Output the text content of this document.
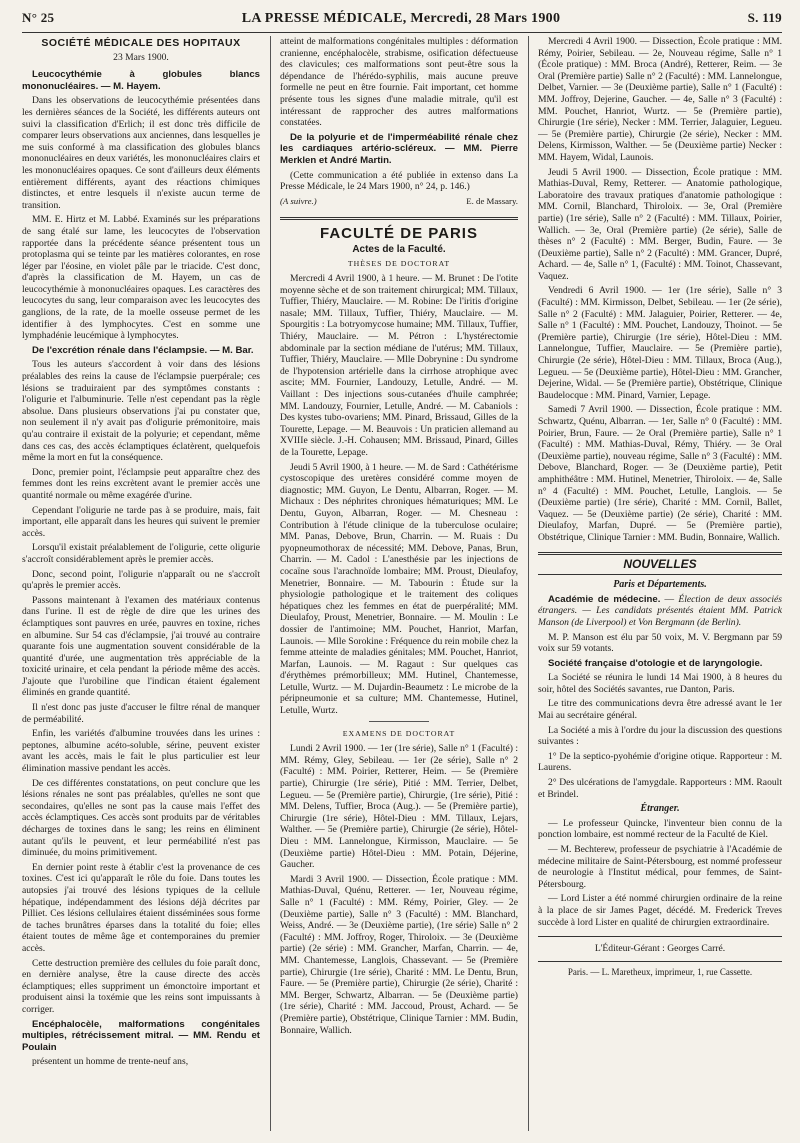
N° 25	LA PRESSE MÉDICALE, Mercredi, 28 Mars 1900	S. 119
SOCIÉTÉ MÉDICALE DES HOPITAUX
23 Mars 1900.

Leucocythémie à globules blancs mononucléaires. — M. Hayem.

Dans les observations de leucocythémie présentées dans les dernières séances de la Société, les différents auteurs ont suivi la classification d'Erlich; il est donc très difficile de comparer leurs observations aux anciennes, dans lesquelles je me suis conformé à ma classification des globules blancs mononucléaires en deux variétés, les mononucléaires clairs et les mononucléaires opaques. Ce sont d'ailleurs deux éléments entièrement différents, ayant des réactions chimiques distinctes, et entre lesquels il n'existe aucun terme de transition.

MM. E. Hirtz et M. Labbé. Examinés sur les préparations de sang étalé sur lame, les leucocytes de l'observation rapportée dans la précédente séance présentent tous un protoplasma qui se teinte par les matières colorantes, en rose léger par l'éosine, en violet pâle par le triacide. C'est donc, d'après la classification de M. Hayem, un cas de leucocythémie à mononucléaires opaques. Les caractères des leucocytes du sang, leur comparaison avec les leucocytes des ganglions, de la rate, de la moelle osseuse permet de les identifier à des lymphocytes. C'est en somme une lymphadénie leucémique à lymphocytes.

De l'excrétion rénale dans l'éclampsie. — M. Bar.

Tous les auteurs s'accordent à voir dans des lésions préalables des reins la cause de l'éclampsie puerpérale; ces lésions se traduiraient par des symptômes constants : l'oligurie et l'albuminurie. Telle n'est cependant pas la règle absolue. Dans plusieurs observations j'ai pu constater que, non seulement il n'y avait pas d'oligurie prémonitoire, mais qu'au contraire il existait de la polyurie; et cependant, même dans ces cas, des accès éclamptiques éclatèrent, quelquefois même la mort en fut la conséquence.

Donc, premier point, l'éclampsie peut apparaître chez des femmes dont les reins excrètent avant le premier accès une quantité normale ou même exagérée d'urine.

Cependant l'oligurie ne tarde pas à se produire, mais, fait important, elle apparaît dans les heures qui suivent le premier accès.

Lorsqu'il existait préalablement de l'oligurie, cette oligurie s'accroît considérablement après le premier accès.

Donc, second point, l'oligurie n'apparaît ou ne s'accroît qu'après le premier accès.

Passons maintenant à l'examen des matériaux contenus dans l'urine. Il est de règle de dire que les urines des éclamptiques sont pauvres en urée, pauvres en toxine, riches en albumine. Sur 54 cas d'éclampsie, j'ai trouvé au contraire quarante fois une augmentation souvent considérable de la quantité d'urée, une augmentation très appréciable de la toxicité urinaire, et cela pendant la période même des accès. J'ajoute que l'urobiline que l'indican étaient également éliminés en grande quantité.

Il n'est donc pas juste d'accuser le filtre rénal de manquer de perméabilité.

Enfin, les variétés d'albumine trouvées dans les urines : peptones, albumine acéto-soluble, sérine, peuvent exister avant les accès, mais le fait le plus particulier est leur élimination massive pendant les accès.

De ces différentes constatations, on peut conclure que les lésions rénales ne sont pas préalables, qu'elles ne sont que secondaires, qu'elles ne sont pas la cause mais l'effet des accès éclamptiques. Ces accès sont produits par de véritables décharges de toxines dans le sang; les reins en éliminent autant qu'ils le peuvent, et leur perméabilité n'est pas diminuée, du moins primitivement.

En dernier point reste à établir c'est la provenance de ces toxines. C'est ici qu'apparaît le rôle du foie. Dans toutes les autopsies j'ai trouvé des lésions typiques de la cellule hépatique, indépendamment des lésions déjà décrites par Pilliet. Ces lésions cellulaires étaient disséminées sous forme de taches brunâtres éparses dans la totalité du foie; elles étaient toutes de même âge et contemporaines du premier accès.

Cette destruction première des cellules du foie paraît donc, en dernière analyse, être la cause directe des accès éclamptiques; elles suppriment un émonctoire important et produisent ainsi la toxémie que les reins sont impuissants à corriger.

Encéphalocèle, malformations congénitales multiples, rétrécissement mitral. — MM. Rendu et Poulain

présentent un homme de trente-neuf ans,

atteint de malformations congénitales multiples : déformation cranienne, encéphalocèle, strabisme, osification défectueuse des clavicules; ces malformations sont peut-être sous la dépendance de l'hérédo-syphilis, mais aucune preuve formelle ne peut en être fournie. Fait important, cet homme présente tous les signes d'une maladie mitrale, qu'il est intéressant de rapprocher des autres malformations constatées.

De la polyurie et de l'imperméabilité rénale chez les cardiaques artério-scléreux. — MM. Pierre Merklen et André Martin.

(Cette communication a été publiée in extenso dans La Presse Médicale, le 24 Mars 1900, n° 24, p. 146.)

(A suivre.)	E. de Massary.
FACULTÉ DE PARIS
Actes de la Faculté.
THÈSES DE DOCTORAT

Mercredi 4 Avril 1900, à 1 heure. — M. Brunet : De l'otite moyenne sèche et de son traitement chirurgical; MM. Tillaux, Tuffier, Thiéry, Mauclaire. — M. Robine: De l'iritis d'origine nasale; MM. Tillaux, Tuffier, Thiéry, Mauclaire. — M. Spourgitis : La botryomycose humaine; MM. Tillaux, Tuffier, Thiéry, Mauclaire. — M. Pétron : L'hystérectomie abdominale par la section médiane de l'utérus; MM. Tillaux, Tuffier, Thiéry, Mauclaire. — Mlle Dobrynine : Du syndrome de l'hypotension artérielle dans la cirrhose atrophique avec ascite; MM. Fournier, Landouzy, Letulle, André. — M. Vaillant : Des injections sous-cutanées d'huile camphrée; MM. Landouzy, Fournier, Letulle, André. — M. Cabaniols : Des kystes tubo-ovariens; MM. Pinard, Brissaud, Gilles de la Tourette, Lepage. — M. Beauvois : Un praticien allemand au XVIIIe siècle. J.-H. Cohausen; MM. Brissaud, Pinard, Gilles de la Tourette, Lepage.

Jeudi 5 Avril 1900, à 1 heure. — M. de Sard : Cathétérisme cystoscopique des uretères considéré comme moyen de diagnostic; MM. Guyon, Le Dentu, Albarran, Roger. — M. Michaux : Des néphrites chroniques hématuriques; MM. Le Dentu, Guyon, Albarran, Roger. — M. Chesneau : Contribution à l'étude clinique de la tuberculose oculaire; MM. Panas, Debove, Brun, Charrin. — M. Ruais : Du pyopneumothorax de nécessité; MM. Debove, Panas, Brun, Charrin. — M. Cadol : L'anesthésie par les injections de cocaïne sous l'arachnoïde lombaire; MM. Proust, Dieulafoy, Menetrier, Bonnaire. — M. Tabourin : Étude sur la physiologie pathologique et le traitement des coliques hépatiques chez les femmes en état de puerpéralité; MM. Dieulafoy, Proust, Menetrier, Bonnaire. — M. Moulin : Le dossier de l'antimoine; MM. Pouchet, Hanriot, Marfan, Launois. — Mlle Sorokine : Fréquence du rein mobile chez la femme atteinte de maladies génitales; MM. Pouchet, Hanriot, Marfan, Launois. — M. Ragaut : Sur quelques cas d'érythèmes prémorbilleux; MM. Hutinel, Chantemesse, Letulle, Wurtz. — M. Dujardin-Beaumetz : Le microbe de la péripneumonie et sa culture; MM. Chantemesse, Hutinel, Letulle, Wurtz.

EXAMENS DE DOCTORAT

Lundi 2 Avril 1900. — 1er (1re série), Salle n° 1 (Faculté) : MM. Rémy, Gley, Sebileau. — 1er (2e série), Salle n° 2 (Faculté) : MM. Poirier, Retterer, Heim. — 5e (Première partie), Chirurgie (1re série), Pitié : MM. Terrier, Delbet, Legueu. — 5e (Première partie), Chirurgie, (1re série), Pitié : MM. Delens, Tuffier, Broca (Aug.). — 5e (Première partie), Chirurgie (1re série), Hôtel-Dieu : MM. Tillaux, Lejars, Walther. — 5e (Première partie), Chirurgie (2e série), Hôtel-Dieu : MM. Lannelongue, Kirmisson, Mauclaire. — 5e (Deuxième partie) Hôtel-Dieu : MM. Potain, Déjerine, Gaucher.

Mardi 3 Avril 1900. — Dissection, École pratique : MM. Mathias-Duval, Quénu, Retterer. — 1er, Nouveau régime, Salle n° 1 (Faculté) : MM. Rémy, Poirier, Gley. — 2e (Deuxième partie), Salle n° 3 (Faculté) : MM. Blanchard, Weiss, André. — 3e (Deuxième partie), (1re série) Salle n° 2 (Faculté) : MM. Joffroy, Roger, Thiroloix. — 3e (Deuxième partie) (2e série) : MM. Grancher, Marfan, Charrin. — 4e, MM. Chantemesse, Langlois, Chassevant. — 5e (Première partie), Chirurgie (1re série), Charité : MM. Le Dentu, Brun, Faure. — 5e (Première partie), Chirurgie (2e série), Charité : MM. Berger, Schwartz, Albarran. — 5e (Deuxième partie) (1re série), Charité : MM. Jaccoud, Proust, Achard. — 5e (Première partie), Obstétrique, Clinique Tarnier : MM. Budin, Bonnaire, Wallich.

Mercredi 4 Avril 1900. — Dissection, École pratique : MM. Rémy, Poirier, Sebileau. — 2e, Nouveau régime, Salle n° 1 (École pratique) : MM. Broca (André), Retterer, Reim. — 3e Oral (Première partie) Salle n° 2 (Faculté) : MM. Lannelongue, Delbet, Varnier. — 3e (Deuxième partie), Salle n° 1 (Faculté) : MM. Joffroy, Dejerine, Gaucher. — 4e, Salle n° 3 (Faculté) : MM. Pouchet, Hanriot, Wurtz. — 5e (Première partie), Chirurgie (1re série), Necker : MM. Terrier, Jalaguier, Legueu. — 5e (Première partie), Chirurgie (2e série), Necker : MM. Delens, Kirmisson, Walther. — 5e (Deuxième partie) Necker : MM. Hayem, Widal, Launois.

Jeudi 5 Avril 1900. — Dissection, École pratique : MM. Mathias-Duval, Remy, Retterer. — Anatomie pathologique, Laboratoire des travaux pratiques d'anatomie pathologique : MM. Cornil, Blanchard, Thiroloix. — 3e, Oral (Première partie) (1re série), Salle n° 2 (Faculté) : MM. Tillaux, Poirier, Wallich. — 3e, Oral (Première partie) (2e série), Salle de thèses n° 2 (Faculté) : MM. Berger, Budin, Faure. — 3e (Deuxième partie), Salle n° 2 (Faculté) : MM. Grancer, Dupré, Achard. — 4e, Salle n° 1, (Faculté) : MM. Toinot, Chassevant, Vaquez.

Vendredi 6 Avril 1900. — 1er (1re série), Salle n° 3 (Faculté) : MM. Kirmisson, Delbet, Sebileau. — 1er (2e série), Salle n° 2 (Faculté) : MM. Jalaguier, Poirier, Retterer. — 4e, Salle n° 1 (Faculté) : MM. Pouchet, Landouzy, Thoinot. — 5e (Première partie), Chirurgie (1re série), Hôtel-Dieu : MM. Lannelongue, Tuffier, Mauclaire. — 5e (Première partie), Chirurgie (2e série), Hôtel-Dieu : MM. Tillaux, Broca (Aug.), Legueu. — 5e (Deuxième partie), Hôtel-Dieu : MM. Grancher, Dejerine, Widal. — 5e (Première partie), Obstétrique, Clinique Baudelocque : MM. Pinard, Varnier, Lepage.

Samedi 7 Avril 1900. — Dissection, École pratique : MM. Schwartz, Quénu, Albarran. — 1er, Salle n° 0 (Faculté) : MM. Poirier, Brun, Faure. — 2e Oral (Première partie), Salle n° 1 (Faculté) : MM. Mathias-Duval, Rémy, Thiéry. — 3e Oral (Deuxième partie), nouveau régime, Salle n° 3 (Faculté) : MM. Debove, Blanchard, Roger. — 3e (Deuxième partie), Petit amphithéâtre : MM. Hutinel, Menetrier, Thiroloix. — 4e, Salle n° 4 (Faculté) : MM. Pouchet, Letulle, Langlois. — 5e (Deuxième partie) (1re série), Charité : MM. Cornil, Ballet, Vaquez. — 5e (Deuxième partie) (2e série), Charité : MM. Dieulafoy, Marfan, Dupré. — 5e (Première partie), Obstétrique, Clinique Tarnier : MM. Budin, Bonnaire, Wallich.

NOUVELLES
Paris et Départements.

Académie de médecine. — Élection de deux associés étrangers. — Les candidats présentés étaient MM. Patrick Manson (de Liverpool) et Von Bergmann (de Berlin).

M. P. Manson est élu par 50 voix, M. V. Bergmann par 59 voix sur 59 votants.

Société française d'otologie et de laryngologie.

La Société se réunira le lundi 14 Mai 1900, à 8 heures du soir, hôtel des Sociétés savantes, rue Danton, Paris.

Le titre des communications devra être adressé avant le 1er Mai au secrétaire général.

La Société a mis à l'ordre du jour la discussion des questions suivantes :

1° De la septico-pyohémie d'origine otique. Rapporteur : M. Laurens.

2° Des ulcérations de l'amygdale. Rapporteurs : MM. Raoult et Brindel.

Étranger.

— Le professeur Quincke, l'inventeur bien connu de la ponction lombaire, est nommé recteur de la Faculté de Kiel.

— M. Bechterew, professeur de psychiatrie à l'Académie de médecine militaire de Saint-Pétersbourg, est nommé professeur de neurologie à l'Institut médical, pour femmes, de Saint-Pétersbourg.

— Lord Lister a été nommé chirurgien ordinaire de la reine à la place de sir James Paget, décédé. M. Frederick Treves succède à lord Lister en qualité de chirurgien extraordinaire.

L'Éditeur-Gérant : Georges Carré.
Paris. — L. Maretheux, imprimeur, 1, rue Cassette.
